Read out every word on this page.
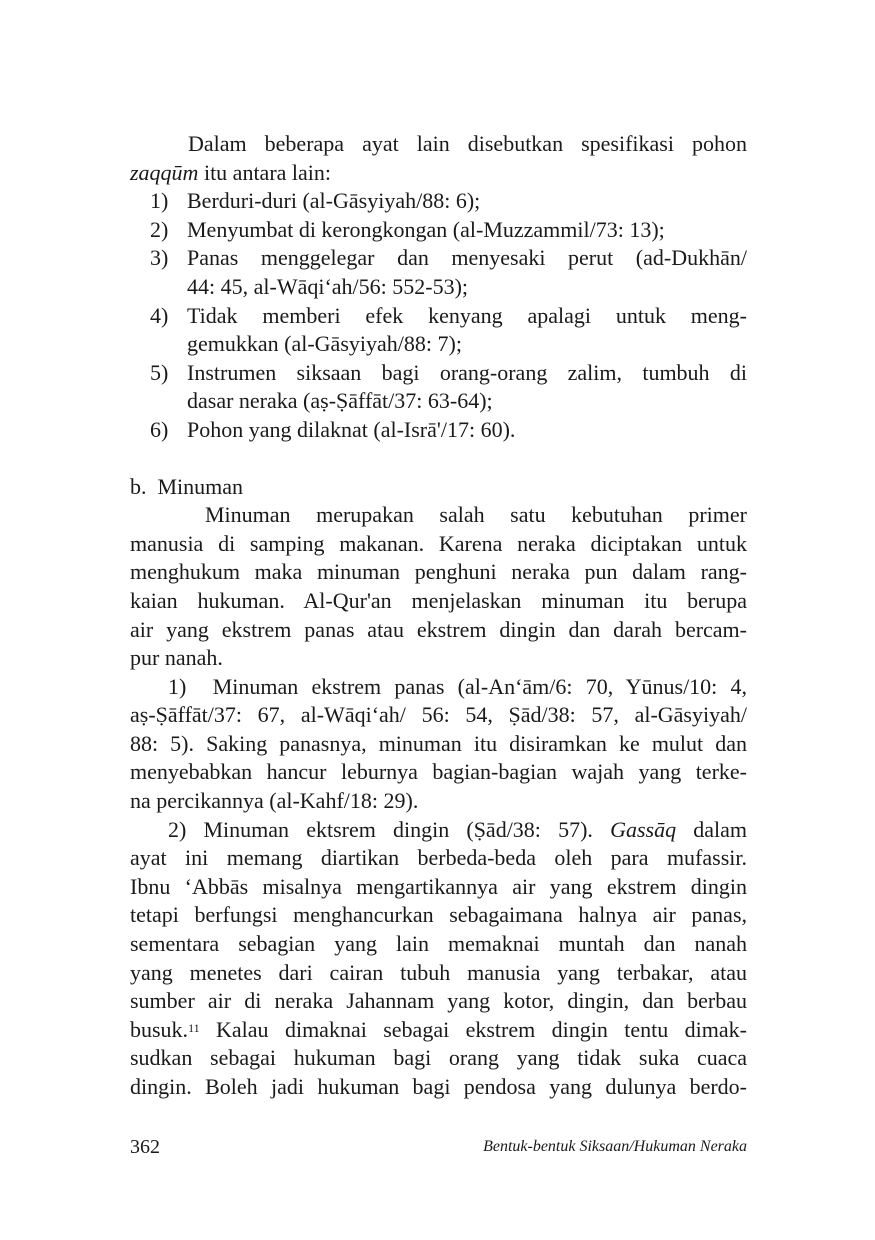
Dalam beberapa ayat lain disebutkan spesifikasi pohon
zaqqūm itu antara lain:
1) Berduri-duri (al-Gāsyiyah/88: 6);
2) Menyumbat di kerongkongan (al-Muzzammil/73: 13);
3) Panas menggelegar dan menyesaki perut (ad-Dukhān/
44: 45, al-Wāqi‘ah/56: 552-53);
4) Tidak memberi efek kenyang apalagi untuk meng-
gemukkan (al-Gāsyiyah/88: 7);
5) Instrumen siksaan bagi orang-orang zalim, tumbuh di
dasar neraka (aṣ-Ṣāffāt/37: 63-64);
6) Pohon yang dilaknat (al-Isrā'/17: 60).
b.  Minuman
Minuman merupakan salah satu kebutuhan primer
manusia di samping makanan. Karena neraka diciptakan untuk
menghukum maka minuman penghuni neraka pun dalam rang-
kaian hukuman. Al-Qur'an menjelaskan minuman itu berupa
air yang ekstrem panas atau ekstrem dingin dan darah bercam-
pur nanah.
1)  Minuman ekstrem panas (al-An‘ām/6: 70, Yūnus/10: 4,
aṣ-Ṣāffāt/37: 67, al-Wāqi‘ah/ 56: 54, Ṣād/38: 57, al-Gāsyiyah/
88: 5). Saking panasnya, minuman itu disiramkan ke mulut dan
menyebabkan hancur leburnya bagian-bagian wajah yang terke-
na percikannya (al-Kahf/18: 29).
2) Minuman ektsrem dingin (Ṣād/38: 57). Gassāq dalam
ayat ini memang diartikan berbeda-beda oleh para mufassir.
Ibnu ‘Abbās misalnya mengartikannya air yang ekstrem dingin
tetapi berfungsi menghancurkan sebagaimana halnya air panas,
sementara sebagian yang lain memaknai muntah dan nanah
yang menetes dari cairan tubuh manusia yang terbakar, atau
sumber air di neraka Jahannam yang kotor, dingin, dan berbau
busuk.$^{11}$ Kalau dimaknai sebagai ekstrem dingin tentu dimak-
sudkan sebagai hukuman bagi orang yang tidak suka cuaca
dingin. Boleh jadi hukuman bagi pendosa yang dulunya berdo-
362	Bentuk-bentuk Siksaan/Hukuman Neraka
